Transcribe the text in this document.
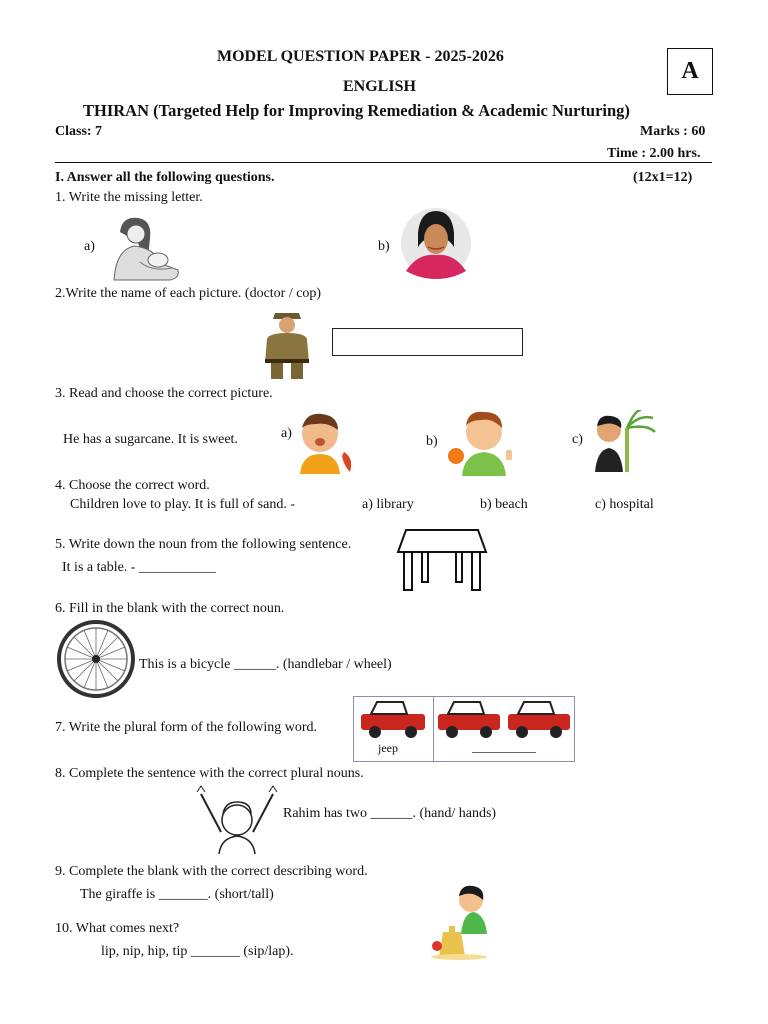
MODEL QUESTION PAPER - 2025-2026
ENGLISH
THIRAN (Targeted Help for Improving Remediation & Academic Nurturing)
A
Class: 7	Marks : 60
Time : 2.00 hrs.
I. Answer all the following questions.	(12x1=12)
1. Write the missing letter.
a)	b)
2.Write the name of each picture. (doctor / cop)
3. Read and choose the correct picture.
He has a sugarcane. It is sweet.	a)
b)	c)
4. Choose the correct word.
Children love to play. It is full of sand. -	a) library	b) beach	c) hospital
5. Write down the noun from the following sentence.
It is a table. - ___________
6. Fill in the blank with the correct noun.
This is a bicycle ______. (handlebar / wheel)
7. Write the plural form of the following word.
jeep
8. Complete the sentence with the correct plural nouns.
Rahim has two ______. (hand/ hands)
9. Complete the blank with the correct describing word.
The giraffe is _______. (short/tall)
10. What comes next?
lip, nip, hip, tip _______ (sip/lap).
